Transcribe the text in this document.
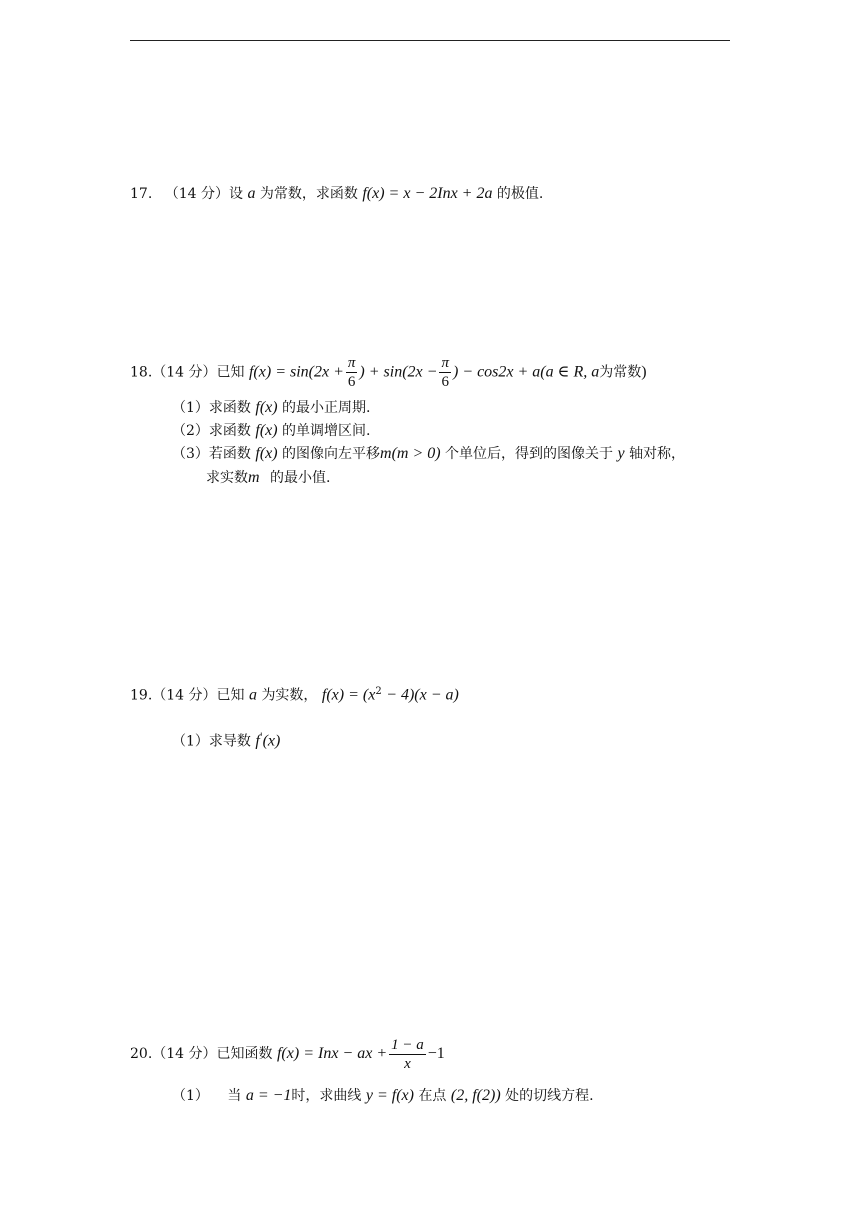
17. （14 分）设 a 为常数，求函数 f(x) = x − 2Inx + 2a 的极值.
18.（14 分）已知 $f(x) = \sin(2x + \frac{\pi}{6}$ ) + $\sin(2x - \frac{\pi}{6}$ ) − cos2x + a(a ∈ R, a为常数)
（1）求函数 f(x) 的最小正周期.
（2）求函数 f(x) 的单调增区间.
（3）若函数 f(x) 的图像向左平移m(m > 0) 个单位后，得到的图像关于 y 轴对称，
求实数m 的最小值.
19.（14 分）已知 a 为实数， $f(x) = (x^2 - 4)(x - a)$
（1）求导数 f'(x)
20.（14 分）已知函数 f(x) = Inx − ax + $\frac{1 - a}{x} -1$
（1） 当 a = −1时，求曲线 y = f(x) 在点 (2, f(2)) 处的切线方程.
